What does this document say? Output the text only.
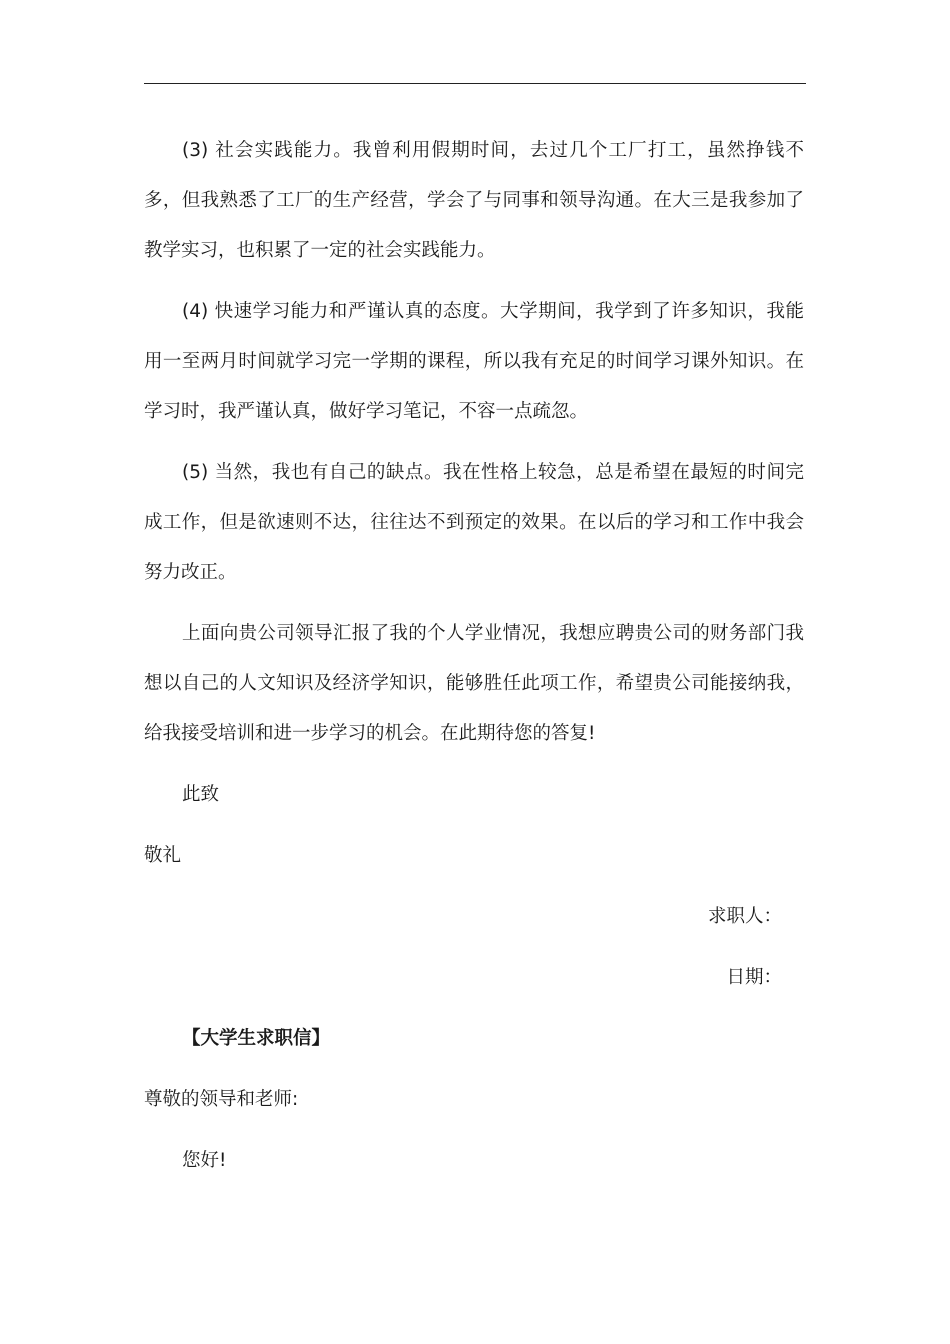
(3) 社会实践能力。我曾利用假期时间，去过几个工厂打工，虽然挣钱不多，但我熟悉了工厂的生产经营，学会了与同事和领导沟通。在大三是我参加了教学实习，也积累了一定的社会实践能力。

(4) 快速学习能力和严谨认真的态度。大学期间，我学到了许多知识，我能用一至两月时间就学习完一学期的课程，所以我有充足的时间学习课外知识。在学习时，我严谨认真，做好学习笔记，不容一点疏忽。

(5) 当然，我也有自己的缺点。我在性格上较急，总是希望在最短的时间完成工作，但是欲速则不达，往往达不到预定的效果。在以后的学习和工作中我会努力改正。

上面向贵公司领导汇报了我的个人学业情况，我想应聘贵公司的财务部门我想以自己的人文知识及经济学知识，能够胜任此项工作，希望贵公司能接纳我，给我接受培训和进一步学习的机会。在此期待您的答复!

此致

敬礼

求职人：

日期：

【大学生求职信】

尊敬的领导和老师:

您好!
